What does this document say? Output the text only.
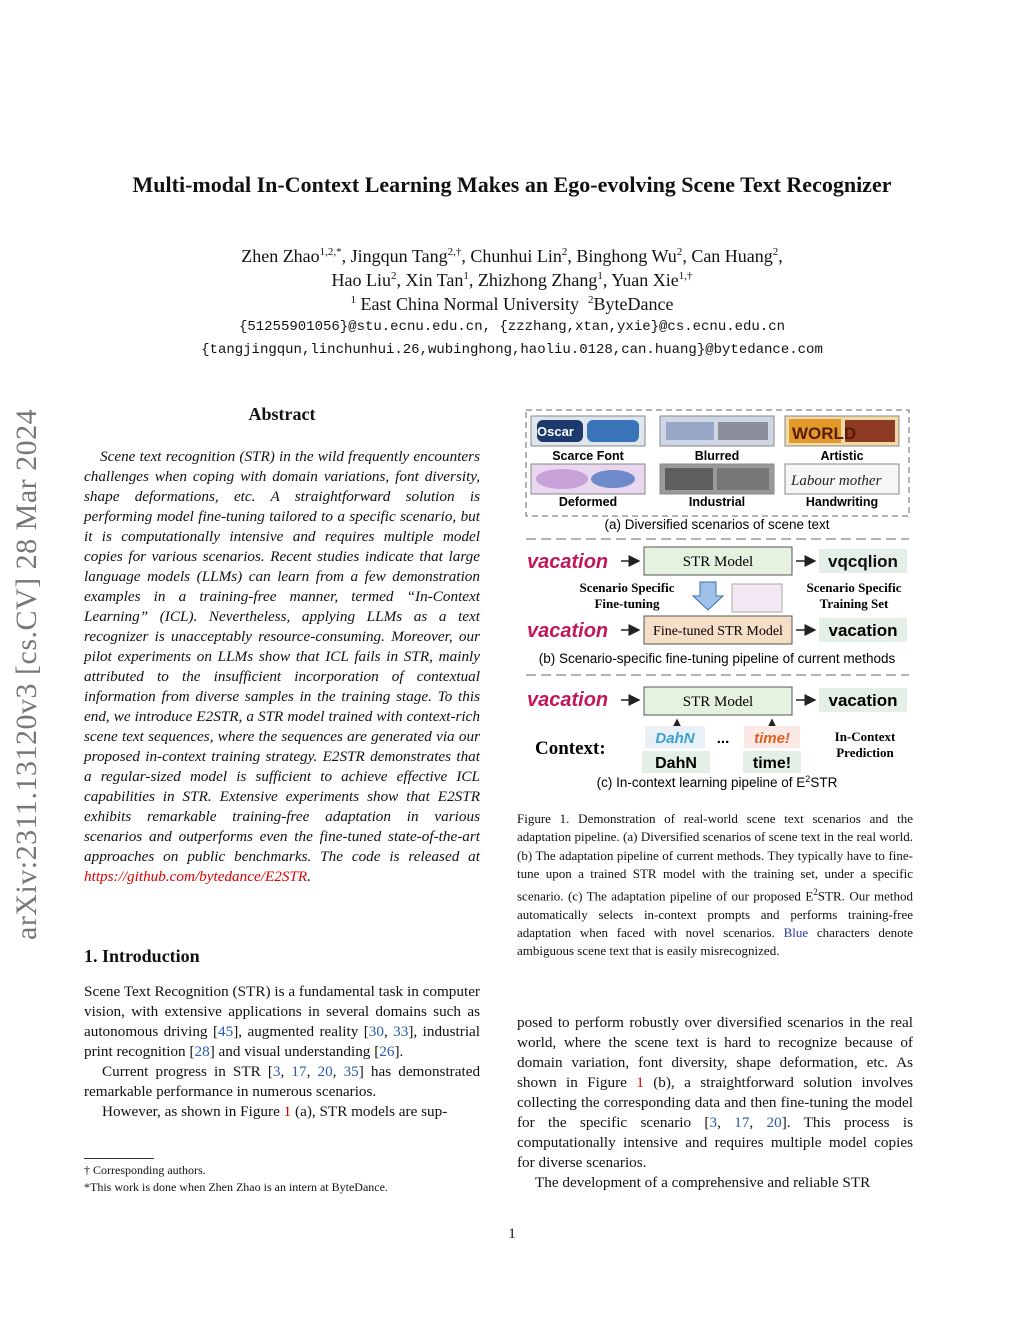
arXiv:2311.13120v3 [cs.CV] 28 Mar 2024
Multi-modal In-Context Learning Makes an Ego-evolving Scene Text Recognizer
Zhen Zhao$^{1,2,*}$, Jingqun Tang$^{2,\dagger}$, Chunhui Lin$^2$, Binghong Wu$^2$, Can Huang$^2$,
Hao Liu$^2$, Xin Tan$^1$, Zhizhong Zhang$^1$, Yuan Xie$^{1,\dagger}$
$^1$ East China Normal University  $^2$ByteDance
{51255901056}@stu.ecnu.edu.cn, {zzzhang,xtan,yxie}@cs.ecnu.edu.cn
{tangjingqun,linchunhui.26,wubinghong,haoliu.0128,can.huang}@bytedance.com
Abstract

Scene text recognition (STR) in the wild frequently encounters challenges when coping with domain variations, font diversity, shape deformations, etc. A straightforward solution is performing model fine-tuning tailored to a specific scenario, but it is computationally intensive and requires multiple model copies for various scenarios. Recent studies indicate that large language models (LLMs) can learn from a few demonstration examples in a training-free manner, termed “In-Context Learning” (ICL). Nevertheless, applying LLMs as a text recognizer is unacceptably resource-consuming. Moreover, our pilot experiments on LLMs show that ICL fails in STR, mainly attributed to the insufficient incorporation of contextual information from diverse samples in the training stage. To this end, we introduce E2STR, a STR model trained with context-rich scene text sequences, where the sequences are generated via our proposed in-context training strategy. E2STR demonstrates that a regular-sized model is sufficient to achieve effective ICL capabilities in STR. Extensive experiments show that E2STR exhibits remarkable training-free adaptation in various scenarios and outperforms even the fine-tuned state-of-the-art approaches on public benchmarks. The code is released at https://github.com/bytedance/E2STR.

1. Introduction

Scene Text Recognition (STR) is a fundamental task in computer vision, with extensive applications in several domains such as autonomous driving [45], augmented reality [30, 33], industrial print recognition [28] and visual understanding [26].

Current progress in STR [3, 17, 20, 35] has demonstrated remarkable performance in numerous scenarios.

However, as shown in Figure 1 (a), STR models are sup-

† Corresponding authors.
*This work is done when Zhen Zhao is an intern at ByteDance.
Oscar	WORLD
Scarce Font	Blurred	Artistic
Labour mother
Deformed	Industrial	Handwriting
(a) Diversified scenarios of scene text
vacation	STR Model	vqcqlion
Scenario Specific
Fine-tuning
Scenario Specific
Training Set
vacation	Fine-tuned STR Model	vacation
(b) Scenario-specific fine-tuning pipeline of current methods
vacation	STR Model	vacation
Context:	DahN ... time!
DahN	time!
In-Context
Prediction
(c) In-context learning pipeline of $E^2STR$
Figure 1. Demonstration of real-world scene text scenarios and the adaptation pipeline. (a) Diversified scenarios of scene text in the real world. (b) The adaptation pipeline of current methods. They typically have to fine-tune upon a trained STR model with the training set, under a specific scenario. (c) The adaptation pipeline of our proposed $E^2STR$. Our method automatically selects in-context prompts and performs training-free adaptation when faced with novel scenarios. Blue characters denote ambiguous scene text that is easily misrecognized.

posed to perform robustly over diversified scenarios in the real world, where the scene text is hard to recognize because of domain variation, font diversity, shape deformation, etc. As shown in Figure 1 (b), a straightforward solution involves collecting the corresponding data and then fine-tuning the model for the specific scenario [3, 17, 20]. This process is computationally intensive and requires multiple model copies for diverse scenarios.

The development of a comprehensive and reliable STR

1
